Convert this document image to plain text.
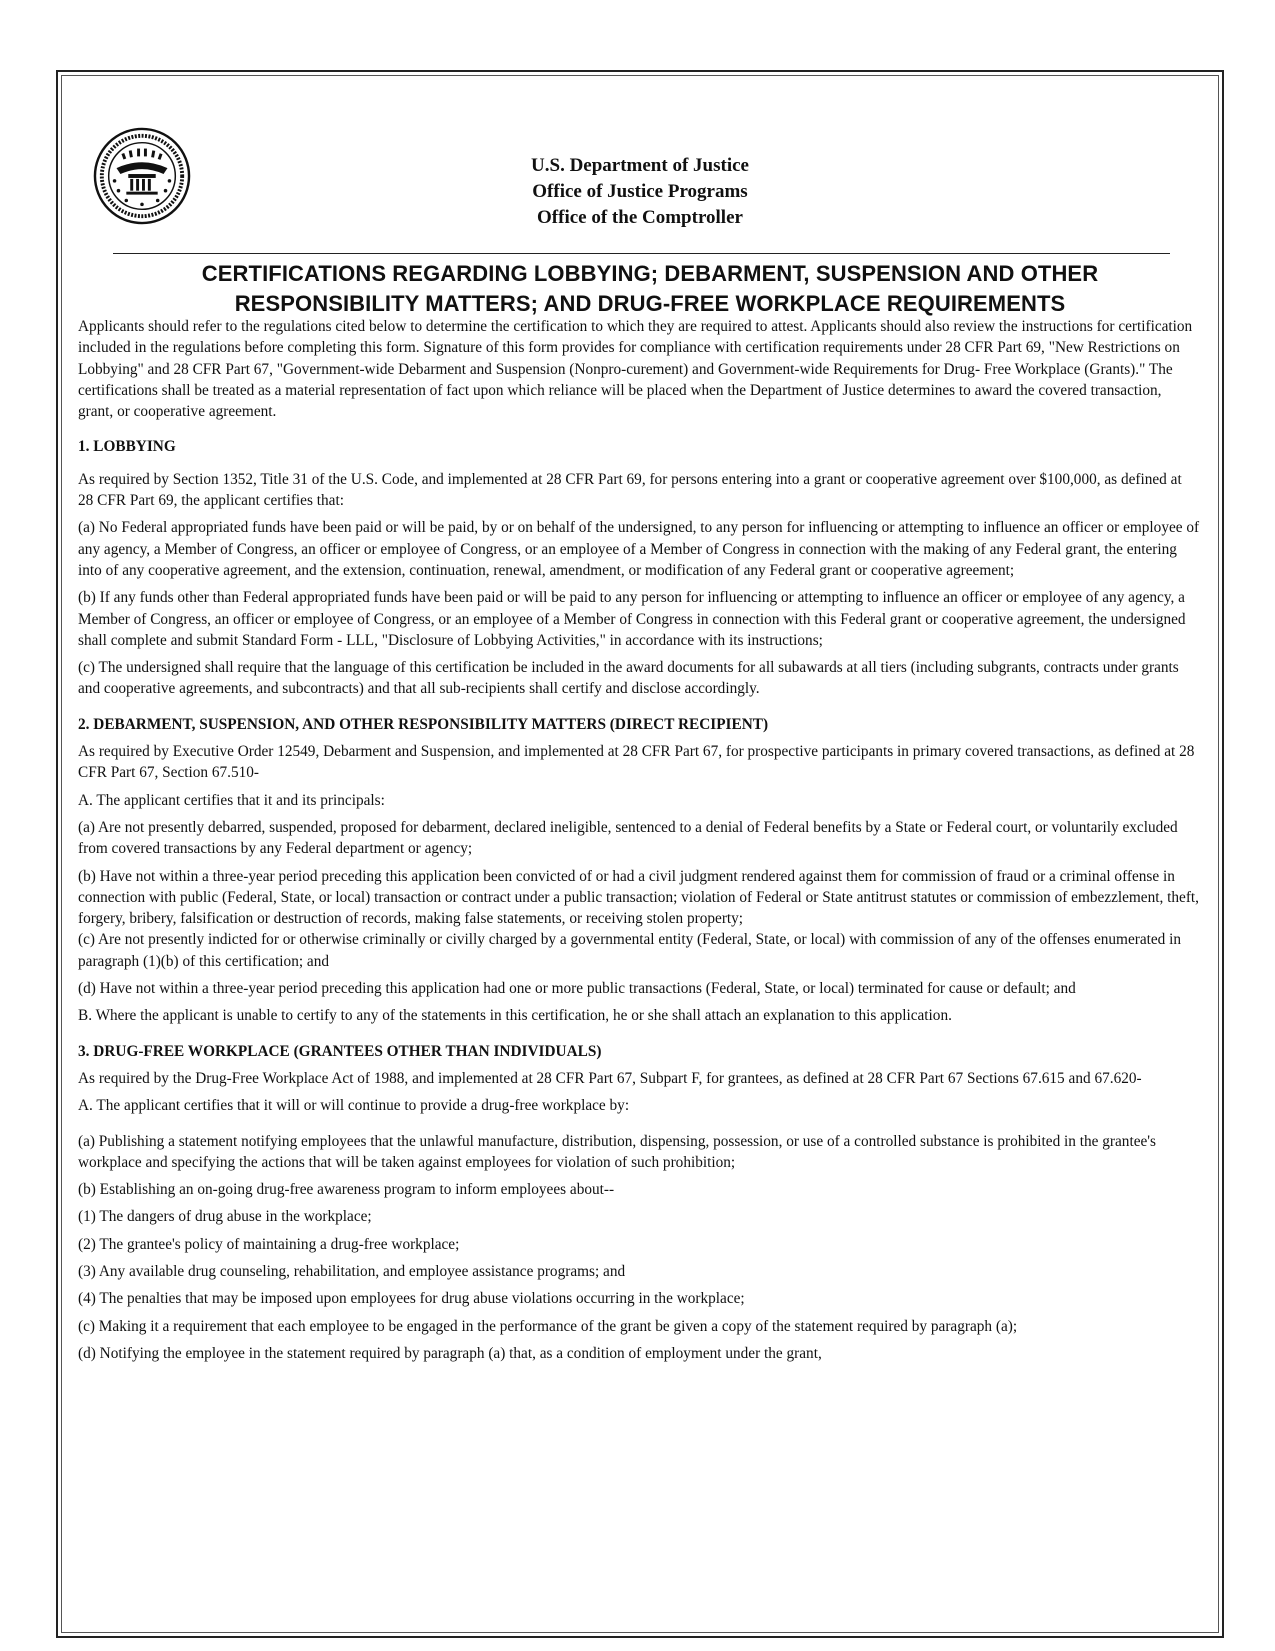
U.S. Department of Justice
Office of Justice Programs
Office of the Comptroller
CERTIFICATIONS REGARDING LOBBYING; DEBARMENT, SUSPENSION AND OTHER
RESPONSIBILITY MATTERS; AND DRUG-FREE WORKPLACE REQUIREMENTS

Applicants should refer to the regulations cited below to determine the certification to which they are required to attest. Applicants should also review the instructions for certification included in the regulations before completing this form. Signature of this form provides for compliance with certification requirements under 28 CFR Part 69, "New Restrictions on Lobbying" and 28 CFR Part 67, "Government-wide Debarment and Suspension (Nonpro-curement) and Government-wide Requirements for Drug- Free Workplace (Grants)." The certifications shall be treated as a material representation of fact upon which reliance will be placed when the Department of Justice determines to award the covered transaction, grant, or cooperative agreement.

1. LOBBYING

As required by Section 1352, Title 31 of the U.S. Code, and implemented at 28 CFR Part 69, for persons entering into a grant or cooperative agreement over $100,000, as defined at 28 CFR Part 69, the applicant certifies that:

(a) No Federal appropriated funds have been paid or will be paid, by or on behalf of the undersigned, to any person for influencing or attempting to influence an officer or employee of any agency, a Member of Congress, an officer or employee of Congress, or an employee of a Member of Congress in connection with the making of any Federal grant, the entering into of any cooperative agreement, and the extension, continuation, renewal, amendment, or modification of any Federal grant or cooperative agreement;

(b) If any funds other than Federal appropriated funds have been paid or will be paid to any person for influencing or attempting to influence an officer or employee of any agency, a Member of Congress, an officer or employee of Congress, or an employee of a Member of Congress in connection with this Federal grant or cooperative agreement, the undersigned shall complete and submit Standard Form - LLL, "Disclosure of Lobbying Activities," in accordance with its instructions;

(c) The undersigned shall require that the language of this certification be included in the award documents for all subawards at all tiers (including subgrants, contracts under grants and cooperative agreements, and subcontracts) and that all sub-recipients shall certify and disclose accordingly.

2. DEBARMENT, SUSPENSION, AND OTHER RESPONSIBILITY MATTERS (DIRECT RECIPIENT)

As required by Executive Order 12549, Debarment and Suspension, and implemented at 28 CFR Part 67, for prospective participants in primary covered transactions, as defined at 28 CFR Part 67, Section 67.510-

A. The applicant certifies that it and its principals:

(a) Are not presently debarred, suspended, proposed for debarment, declared ineligible, sentenced to a denial of Federal benefits by a State or Federal court, or voluntarily excluded from covered transactions by any Federal department or agency;

(b) Have not within a three-year period preceding this application been convicted of or had a civil judgment rendered against them for commission of fraud or a criminal offense in connection with public (Federal, State, or local) transaction or contract under a public transaction; violation of Federal or State antitrust statutes or commission of embezzlement, theft, forgery, bribery, falsification or destruction of records, making false statements, or receiving stolen property;

(c) Are not presently indicted for or otherwise criminally or civilly charged by a governmental entity (Federal, State, or local) with commission of any of the offenses enumerated in paragraph (1)(b) of this certification; and

(d) Have not within a three-year period preceding this application had one or more public transactions (Federal, State, or local) terminated for cause or default; and

B. Where the applicant is unable to certify to any of the statements in this certification, he or she shall attach an explanation to this application.

3. DRUG-FREE WORKPLACE (GRANTEES OTHER THAN INDIVIDUALS)

As required by the Drug-Free Workplace Act of 1988, and implemented at 28 CFR Part 67, Subpart F, for grantees, as defined at 28 CFR Part 67 Sections 67.615 and 67.620-

A. The applicant certifies that it will or will continue to provide a drug-free workplace by:

(a) Publishing a statement notifying employees that the unlawful manufacture, distribution, dispensing, possession, or use of a controlled substance is prohibited in the grantee's workplace and specifying the actions that will be taken against employees for violation of such prohibition;

(b) Establishing an on-going drug-free awareness program to inform employees about--

(1) The dangers of drug abuse in the workplace;

(2) The grantee's policy of maintaining a drug-free workplace;

(3) Any available drug counseling, rehabilitation, and employee assistance programs; and

(4) The penalties that may be imposed upon employees for drug abuse violations occurring in the workplace;

(c) Making it a requirement that each employee to be engaged in the performance of the grant be given a copy of the statement required by paragraph (a);

(d) Notifying the employee in the statement required by paragraph (a) that, as a condition of employment under the grant,
